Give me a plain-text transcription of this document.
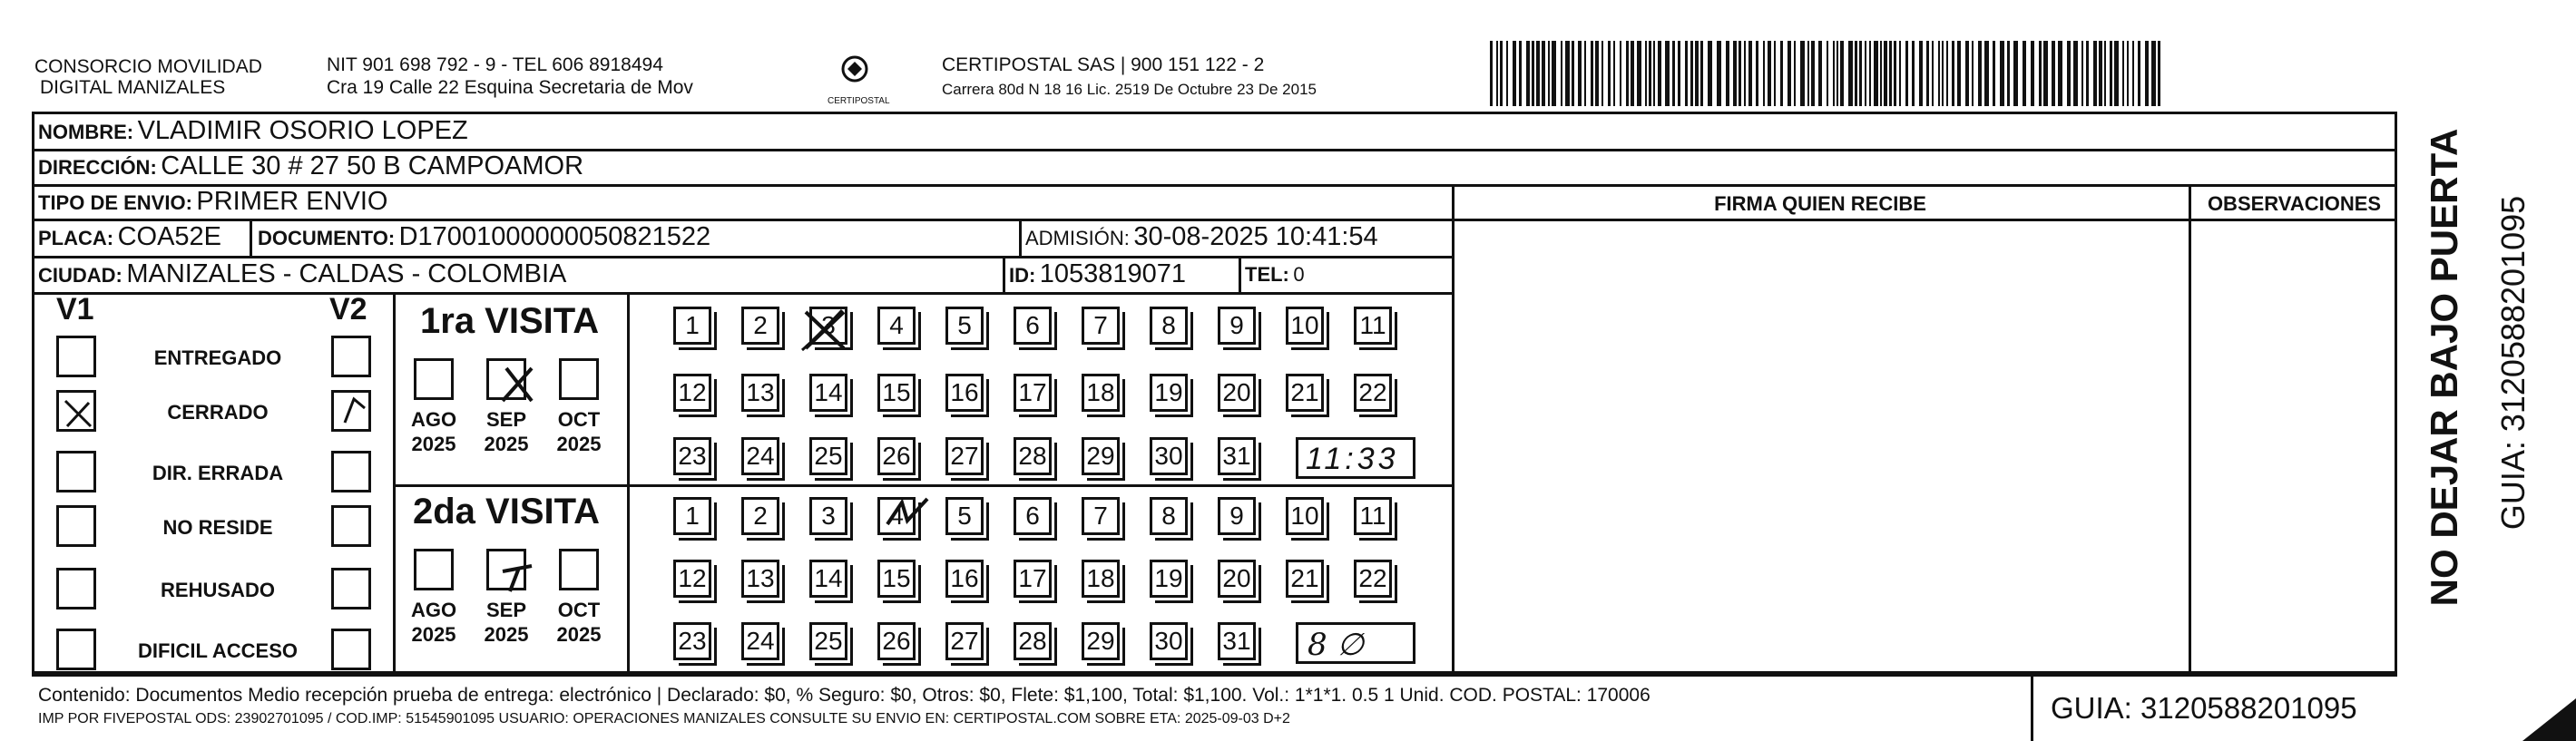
CONSORCIO MOVILIDAD
DIGITAL MANIZALES
NIT 901 698 792 - 9 - TEL 606 8918494
Cra 19 Calle 22 Esquina Secretaria de Mov
CERTIPOSTAL
CERTIPOSTAL SAS | 900 151 122 - 2
Carrera 80d N 18 16 Lic. 2519 De Octubre 23 De 2015
NOMBRE: VLADIMIR OSORIO LOPEZ
DIRECCIÓN: CALLE 30 # 27 50 B CAMPOAMOR
TIPO DE ENVIO: PRIMER ENVIO	FIRMA QUIEN RECIBE	OBSERVACIONES
PLACA: COA52E DOCUMENTO: D17001000000050821522	ADMISIÓN: 30-08-2025 10:41:54
CIUDAD: MANIZALES - CALDAS - COLOMBIA	ID: 1053819071	TEL: 0
V1	V2
ENTREGADO
CERRADO
DIR. ERRADA
NO RESIDE
REHUSADO
DIFICIL ACCESO
1ra VISITA
2da VISITA
AGO
2025
SEP
2025
OCT
2025
AGO
2025
SEP
2025
OCT
2025
1	2	3	4	5	6	7	8	9	10 11
12 13 14 15 16 17 18 19 20 21 22
23 24 25 26 27 28 29 30 31
1	2	3	4	5	6	7	8	9	10 11
12 13 14 15 16 17 18 19 20 21 22
23 24 25 26 27 28 29 30 31
11:33
8 ∅
Contenido: Documentos Medio recepción prueba de entrega: electrónico | Declarado: $0, % Seguro: $0, Otros: $0, Flete: $1,100, Total: $1,100. Vol.: 1*1*1. 0.5 1 Unid. COD. POSTAL: 170006
IMP POR FIVEPOSTAL ODS: 23902701095 / COD.IMP: 51545901095 USUARIO: OPERACIONES MANIZALES CONSULTE SU ENVIO EN: CERTIPOSTAL.COM SOBRE ETA: 2025-09-03 D+2	GUIA: 3120588201095
NO DEJAR BAJO PUERTA GUIA: 3120588201095
